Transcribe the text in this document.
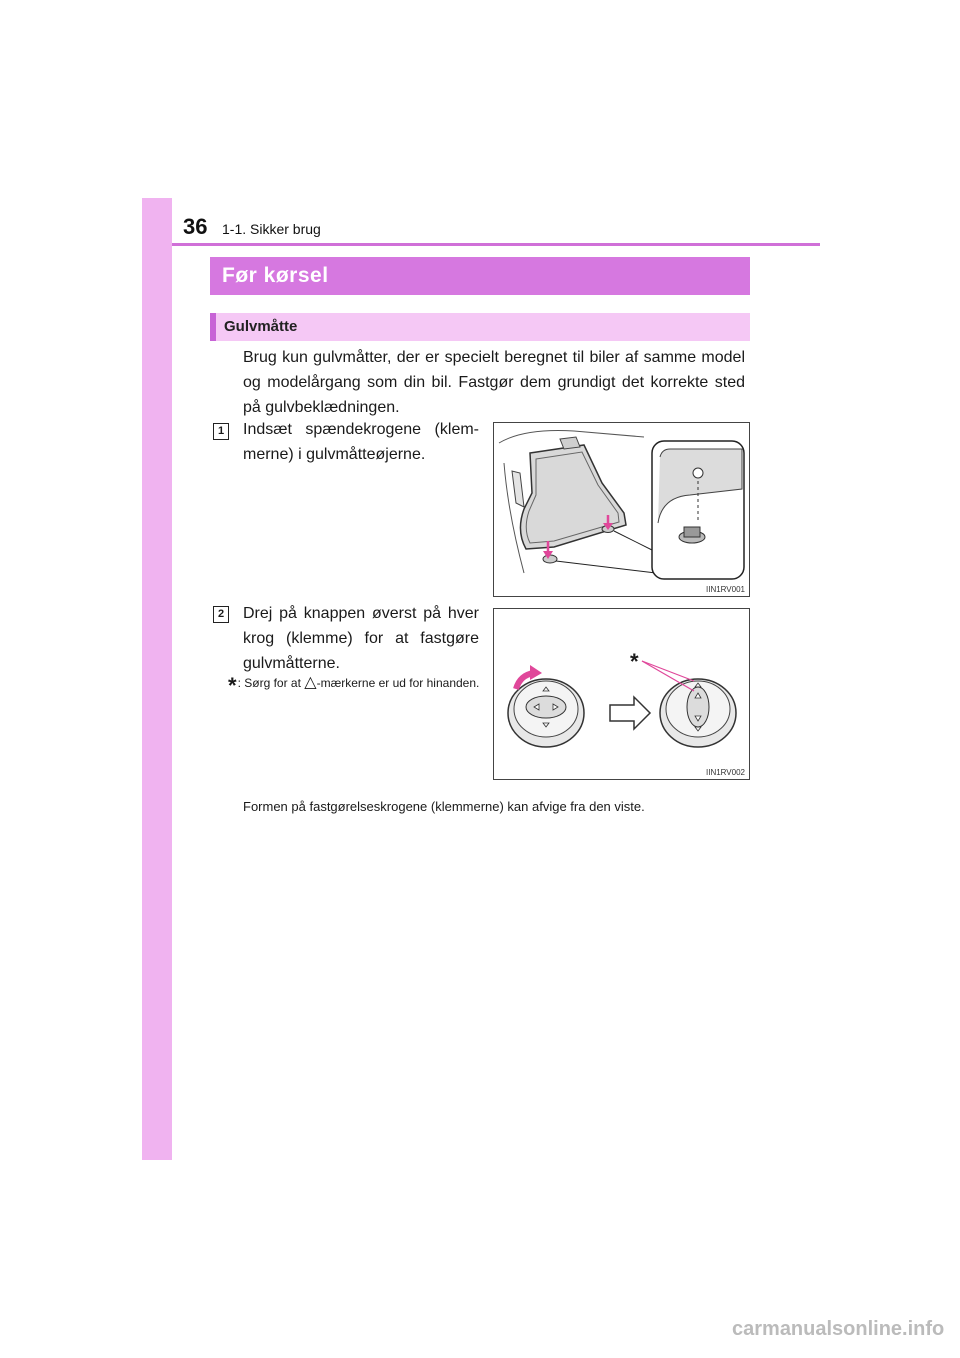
36 1-1. Sikker brug
Før kørsel
Gulvmåtte
Brug kun gulvmåtter, der er specielt beregnet til biler af samme model og modelårgang som din bil. Fastgør dem grundigt det korrekte sted på gulvbeklædningen.
1	Indsæt spændekrogene (klemmerne) i gulvmåtteøjerne.
IIN1RV001
2	Drej på knappen øverst på hver krog (klemme) for at fastgøre gulvmåtterne.
*: Sørg for at △-mærkerne er ud for hinanden.
*
IIN1RV002
Formen på fastgørelseskrogene (klemmerne) kan afvige fra den viste.
carmanualsonline.info
